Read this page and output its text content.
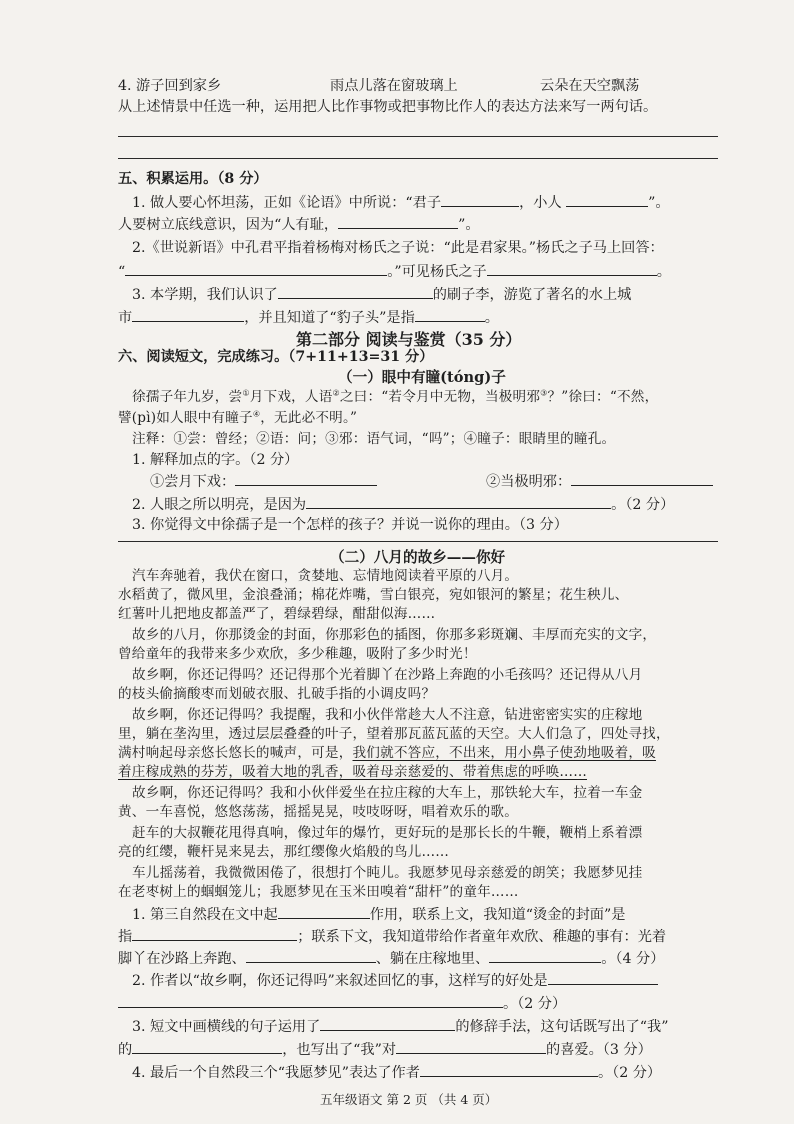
4. 游子回到家乡	雨点儿落在窗玻璃上	云朵在天空飘荡
从上述情景中任选一种，运用把人比作事物或把事物比作人的表达方法来写一两句话。
五、积累运用。（8 分）
1. 做人要心怀坦荡，正如《论语》中所说：“君子	，小人	”。
人要树立底线意识，因为“人有耻，	”。
2.《世说新语》中孔君平指着杨梅对杨氏之子说：“此是君家果。”杨氏之子马上回答：
“	。”可见杨氏之子	。
3. 本学期，我们认识了	的刷子李，游览了著名的水上城
市	，并且知道了“豹子头”是指	。
第二部分 阅读与鉴赏（35 分）
六、阅读短文，完成练习。（7+11+13=31 分）
（一）眼中有瞳(tóng)子
徐孺子年九岁，尝①月下戏，人语②之曰：“若令月中无物，当极明邪③？”徐曰：“不然，
譬(pì)如人眼中有瞳子④，无此必不明。”
注释：①尝：曾经；②语：问；③邪：语气词，“吗”；④瞳子：眼睛里的瞳孔。
1. 解释加点的字。（2 分）
①尝月下戏：	②当极明邪：
2. 人眼之所以明亮，是因为	。（2 分）
3. 你觉得文中徐孺子是一个怎样的孩子？并说一说你的理由。（3 分）
（二）八月的故乡——你好
汽车奔驰着，我伏在窗口，贪婪地、忘情地阅读着平原的八月。
水稻黄了，微风里，金浪叠涌；棉花炸嘴，雪白银亮，宛如银河的繁星；花生秧儿、
红薯叶儿把地皮都盖严了，碧绿碧绿，酣甜似海……
故乡的八月，你那烫金的封面，你那彩色的插图，你那多彩斑斓、丰厚而充实的文字，
曾给童年的我带来多少欢欣，多少稚趣，吸附了多少时光！
故乡啊，你还记得吗？还记得那个光着脚丫在沙路上奔跑的小毛孩吗？还记得从八月
的枝头偷摘酸枣而划破衣服、扎破手指的小调皮吗？
故乡啊，你还记得吗？我提醒，我和小伙伴常趁大人不注意，钻进密密实实的庄稼地
里，躺在垄沟里，透过层层叠叠的叶子，望着那瓦蓝瓦蓝的天空。大人们急了，四处寻找，
满村响起母亲悠长悠长的喊声，可是，我们就不答应，不出来，用小鼻子使劲地吸着，吸
着庄稼成熟的芬芳，吸着大地的乳香，吸着母亲慈爱的、带着焦虑的呼唤……
故乡啊，你还记得吗？我和小伙伴爱坐在拉庄稼的大车上，那铁轮大车，拉着一车金
黄、一车喜悦，悠悠荡荡，摇摇晃晃，吱吱呀呀，唱着欢乐的歌。
赶车的大叔鞭花甩得真响，像过年的爆竹，更好玩的是那长长的牛鞭，鞭梢上系着漂
亮的红缨，鞭杆晃来晃去，那红缨像火焰般的鸟儿……
车儿摇荡着，我微微困倦了，很想打个盹儿。我愿梦见母亲慈爱的朗笑；我愿梦见挂
在老枣树上的蝈蝈笼儿；我愿梦见在玉米田嗅着“甜杆”的童年……
1. 第三自然段在文中起	作用，联系上文，我知道“烫金的封面”是
指	；联系下文，我知道带给作者童年欢欣、稚趣的事有：光着
脚丫在沙路上奔跑、	、躺在庄稼地里、	。（4 分）
2. 作者以“故乡啊，你还记得吗”来叙述回忆的事，这样写的好处是
。（2 分）
3. 短文中画横线的句子运用了	的修辞手法，这句话既写出了“我”
的	，也写出了“我”对	的喜爱。（3 分）
4. 最后一个自然段三个“我愿梦见”表达了作者	。（2 分）
五年级语文 第 2 页 （共 4 页）
